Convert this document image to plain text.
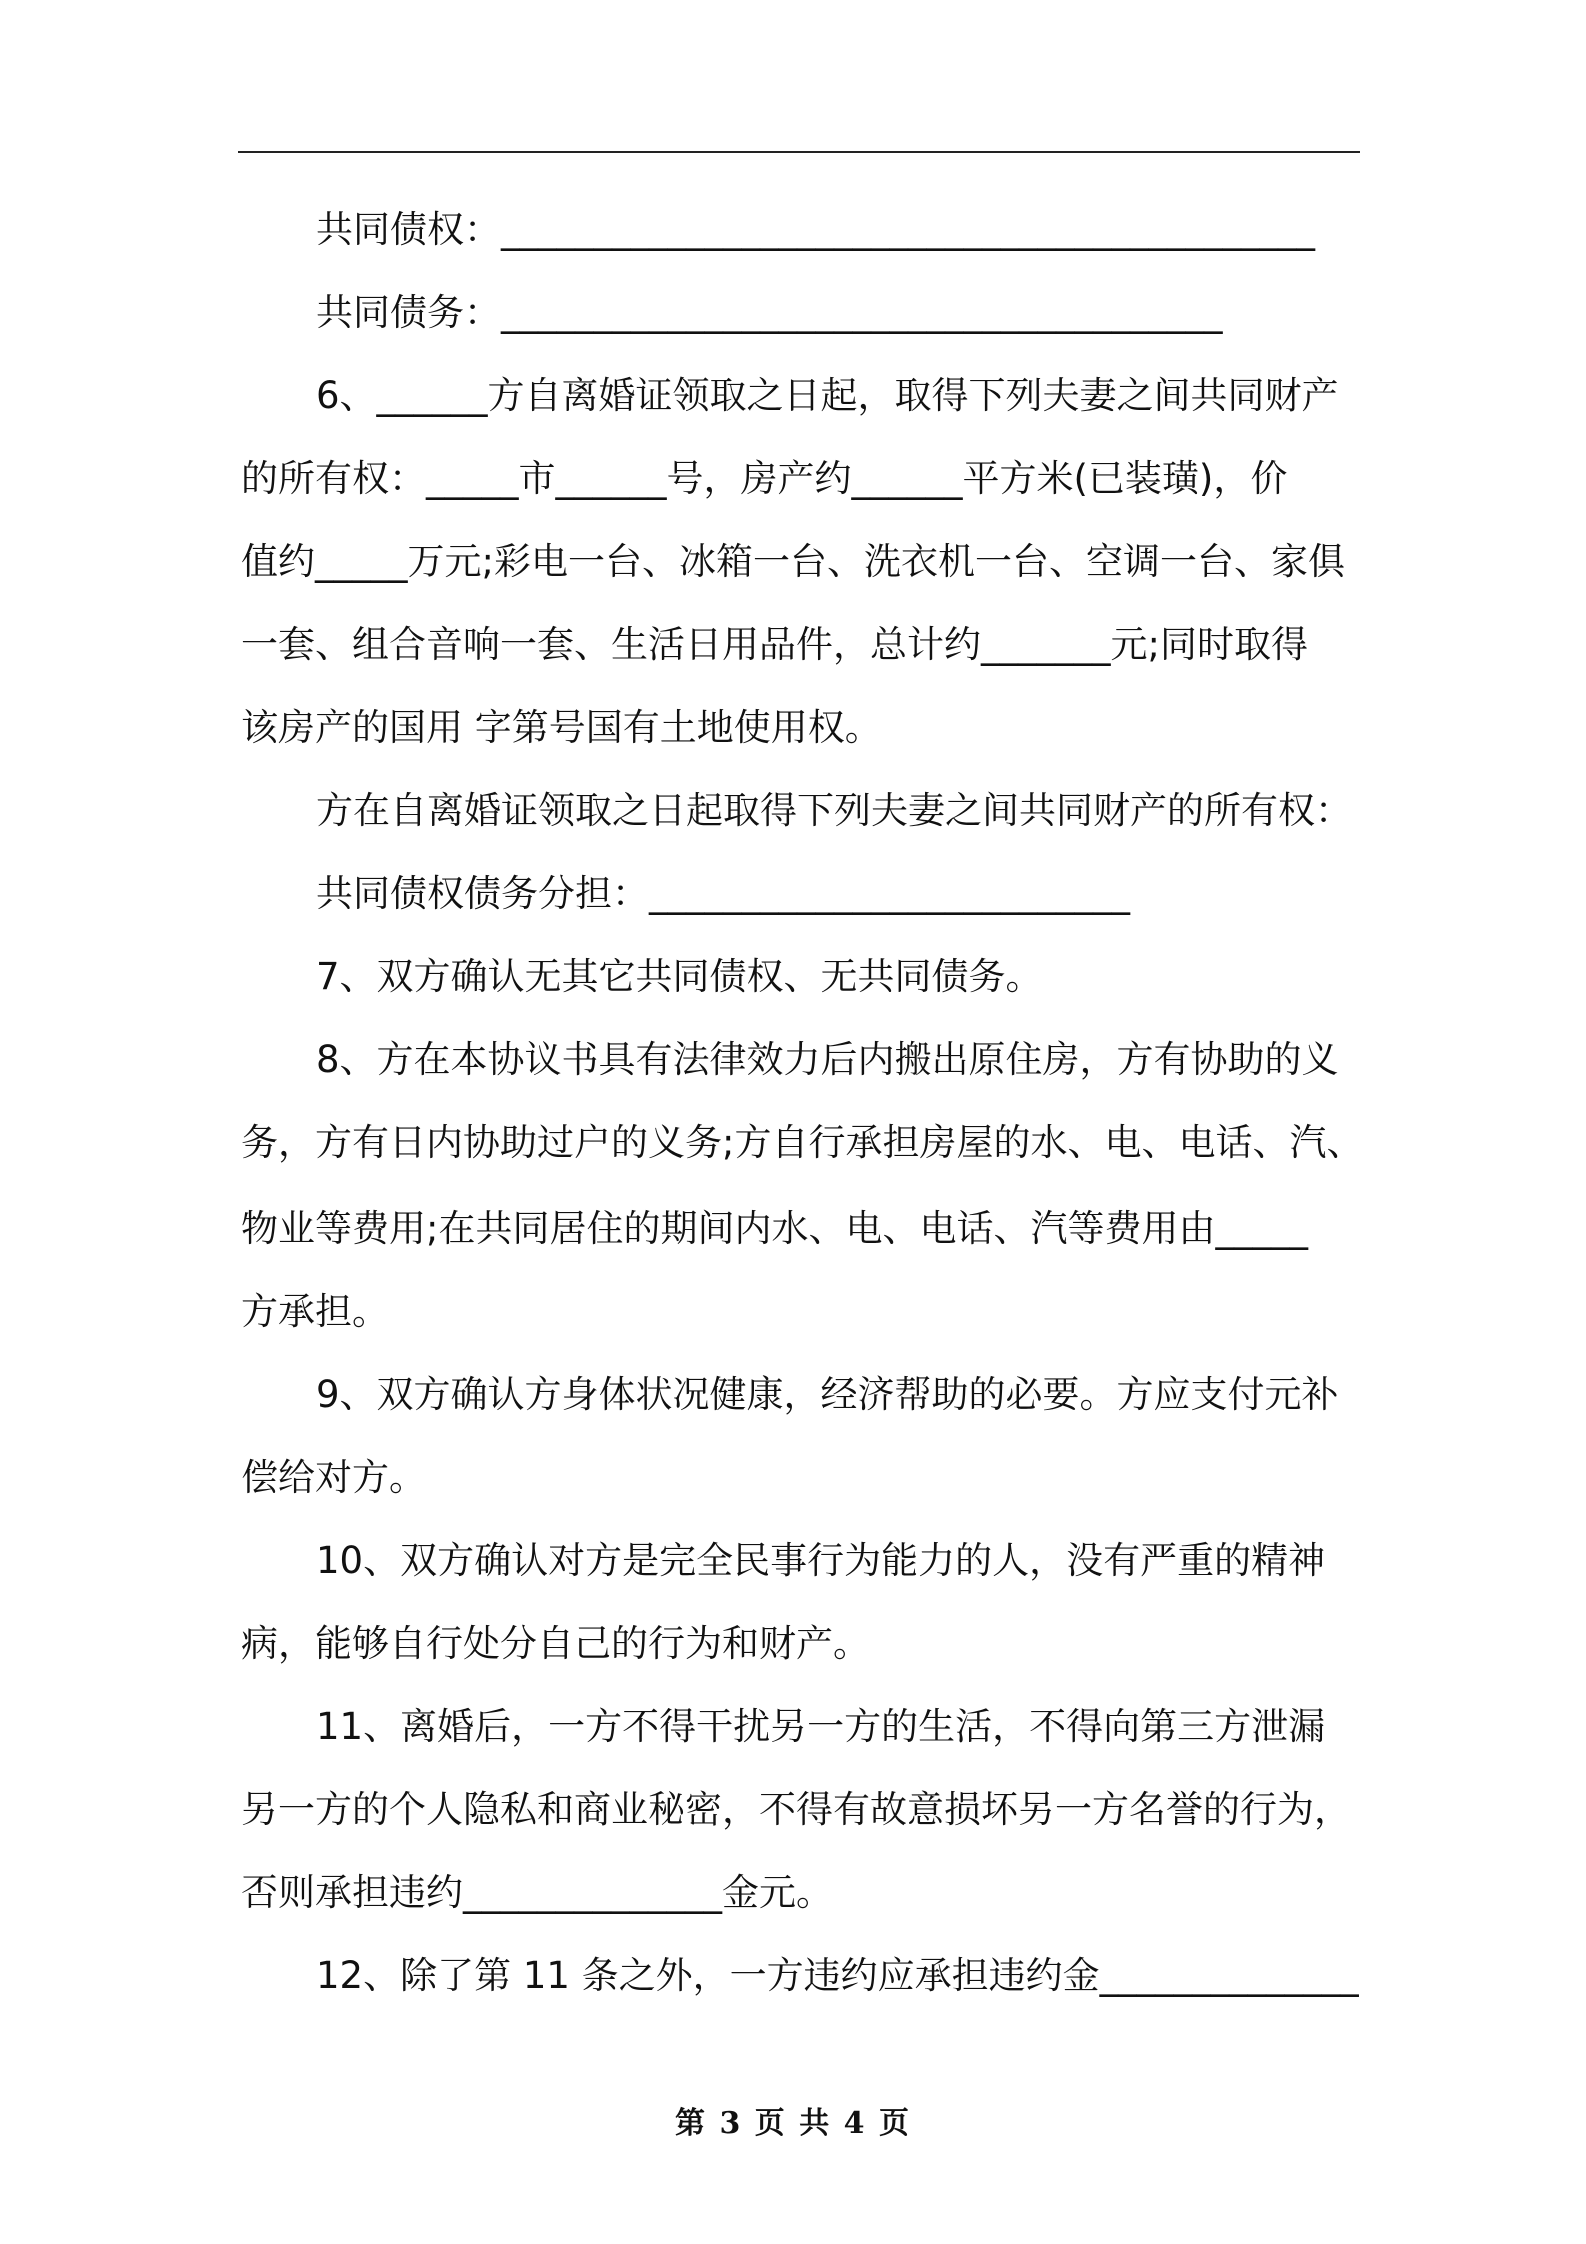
共同债权：____________________________________________
共同债务：_______________________________________
6、______方自离婚证领取之日起，取得下列夫妻之间共同财产
的所有权：_____市______号，房产约______平方米(已装璜)，价
值约_____万元;彩电一台、冰箱一台、洗衣机一台、空调一台、家俱
一套、组合音响一套、生活日用品件，总计约_______元;同时取得
该房产的国用 字第号国有土地使用权。
方在自离婚证领取之日起取得下列夫妻之间共同财产的所有权：
共同债权债务分担：__________________________
7、双方确认无其它共同债权、无共同债务。
8、方在本协议书具有法律效力后内搬出原住房，方有协助的义
务，方有日内协助过户的义务;方自行承担房屋的水、电、电话、汽、
物业等费用;在共同居住的期间内水、电、电话、汽等费用由_____
方承担。
9、双方确认方身体状况健康，经济帮助的必要。方应支付元补
偿给对方。
10、双方确认对方是完全民事行为能力的人，没有严重的精神
病，能够自行处分自己的行为和财产。
11、离婚后，一方不得干扰另一方的生活，不得向第三方泄漏
另一方的个人隐私和商业秘密，不得有故意损坏另一方名誉的行为，
否则承担违约______________金元。
12、除了第 11 条之外，一方违约应承担违约金______________
第 3 页 共 4 页
